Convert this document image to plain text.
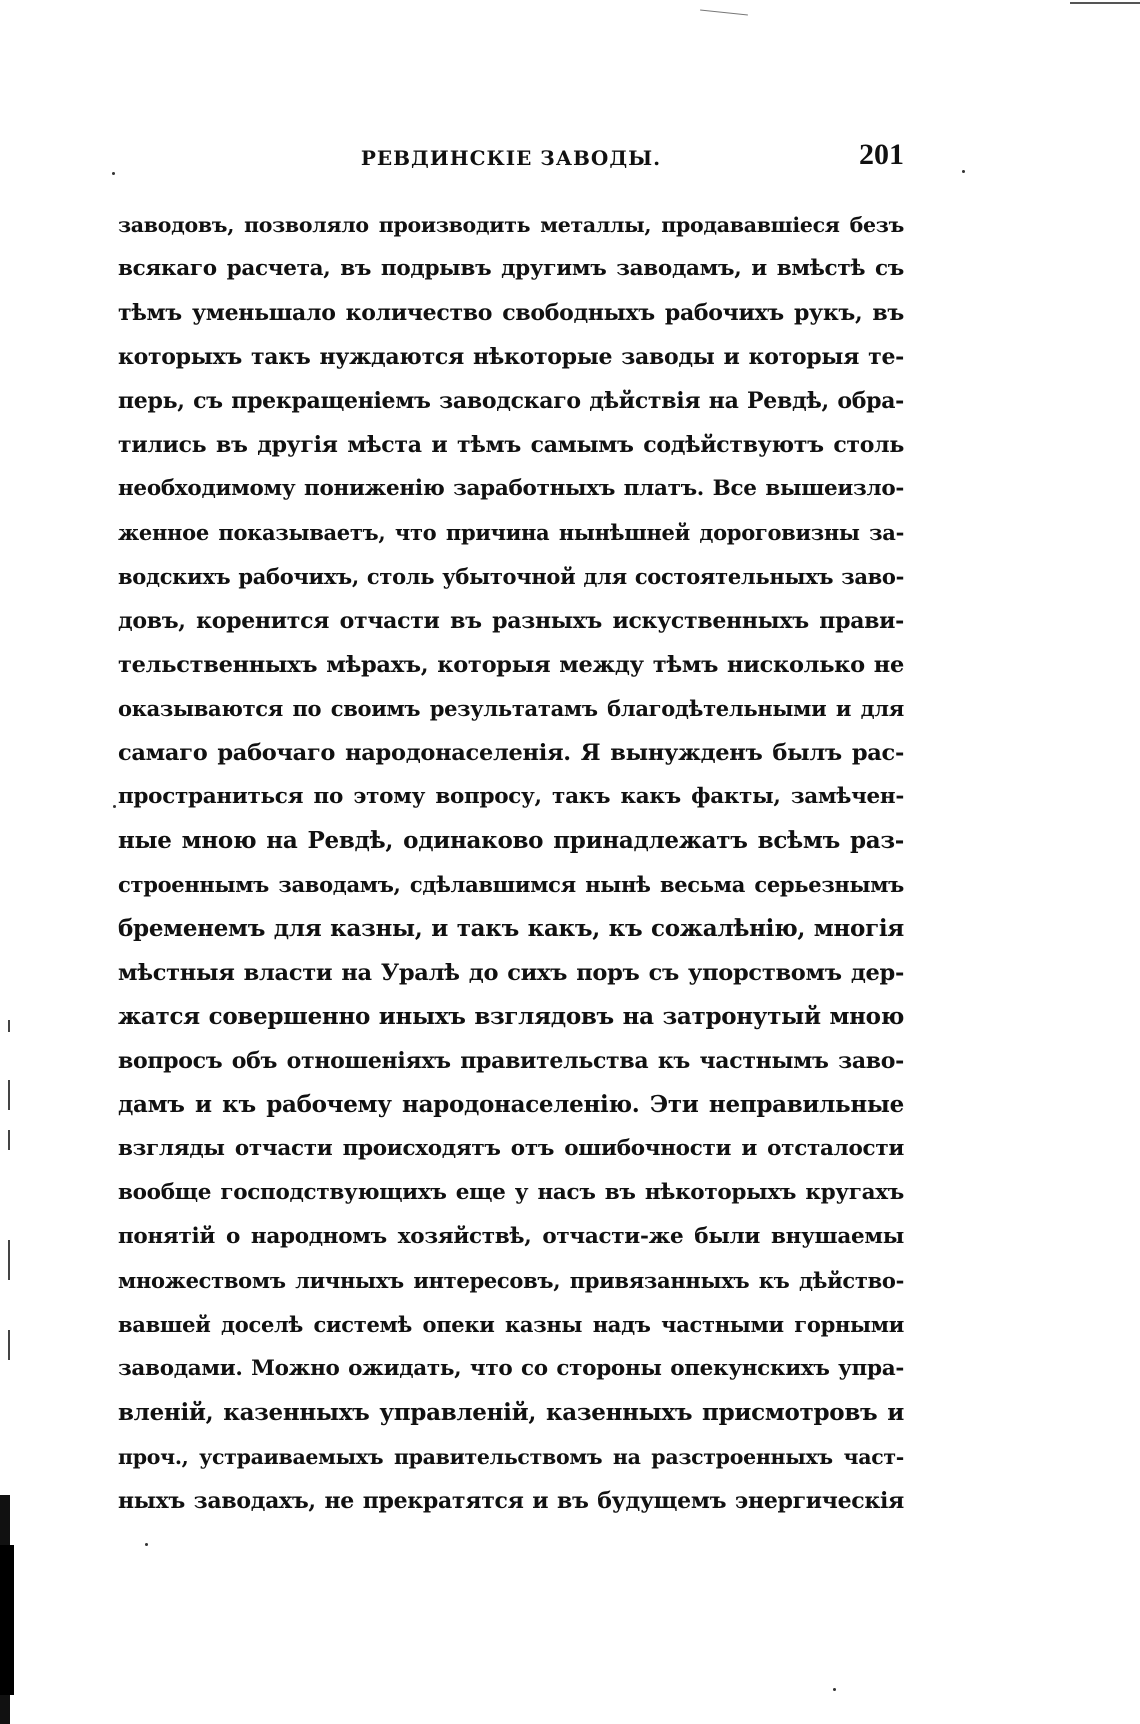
РЕВДИНСКІЕ ЗАВОДЫ.	201
заводовъ, позволяло производить металлы, продававшіеся безъ
всякаго расчета, въ подрывъ другимъ заводамъ, и вмѣстѣ съ
тѣмъ уменьшало количество свободныхъ рабочихъ рукъ, въ
которыхъ такъ нуждаются нѣкоторые заводы и которыя те-
перь, съ прекращеніемъ заводскаго дѣйствія на Ревдѣ, обра-
тились въ другія мѣста и тѣмъ самымъ содѣйствуютъ столь
необходимому пониженію заработныхъ платъ. Все вышеизло-
женное показываетъ, что причина нынѣшней дороговизны за-
водскихъ рабочихъ, столь убыточной для состоятельныхъ заво-
довъ, коренится отчасти въ разныхъ искуственныхъ прави-
тельственныхъ мѣрахъ, которыя между тѣмъ нисколько не
оказываются по своимъ результатамъ благодѣтельными и для
самаго рабочаго народонаселенія. Я вынужденъ былъ рас-
пространиться по этому вопросу, такъ какъ факты, замѣчен-
ные мною на Ревдѣ, одинаково принадлежатъ всѣмъ раз-
строеннымъ заводамъ, сдѣлавшимся нынѣ весьма серьезнымъ
бременемъ для казны, и такъ какъ, къ сожалѣнію, многія
мѣстныя власти на Уралѣ до сихъ поръ съ упорствомъ дер-
жатся совершенно иныхъ взглядовъ на затронутый мною
вопросъ объ отношеніяхъ правительства къ частнымъ заво-
дамъ и къ рабочему народонаселенію. Эти неправильные
взгляды отчасти происходятъ отъ ошибочности и отсталости
вообще господствующихъ еще у насъ въ нѣкоторыхъ кругахъ
понятій о народномъ хозяйствѣ, отчасти-же были внушаемы
множествомъ личныхъ интересовъ, привязанныхъ къ дѣйство-
вавшей доселѣ системѣ опеки казны надъ частными горными
заводами. Можно ожидать, что со стороны опекунскихъ упра-
вленій, казенныхъ управленій, казенныхъ присмотровъ и
проч., устраиваемыхъ правительствомъ на разстроенныхъ част-
ныхъ заводахъ, не прекратятся и въ будущемъ энергическія
